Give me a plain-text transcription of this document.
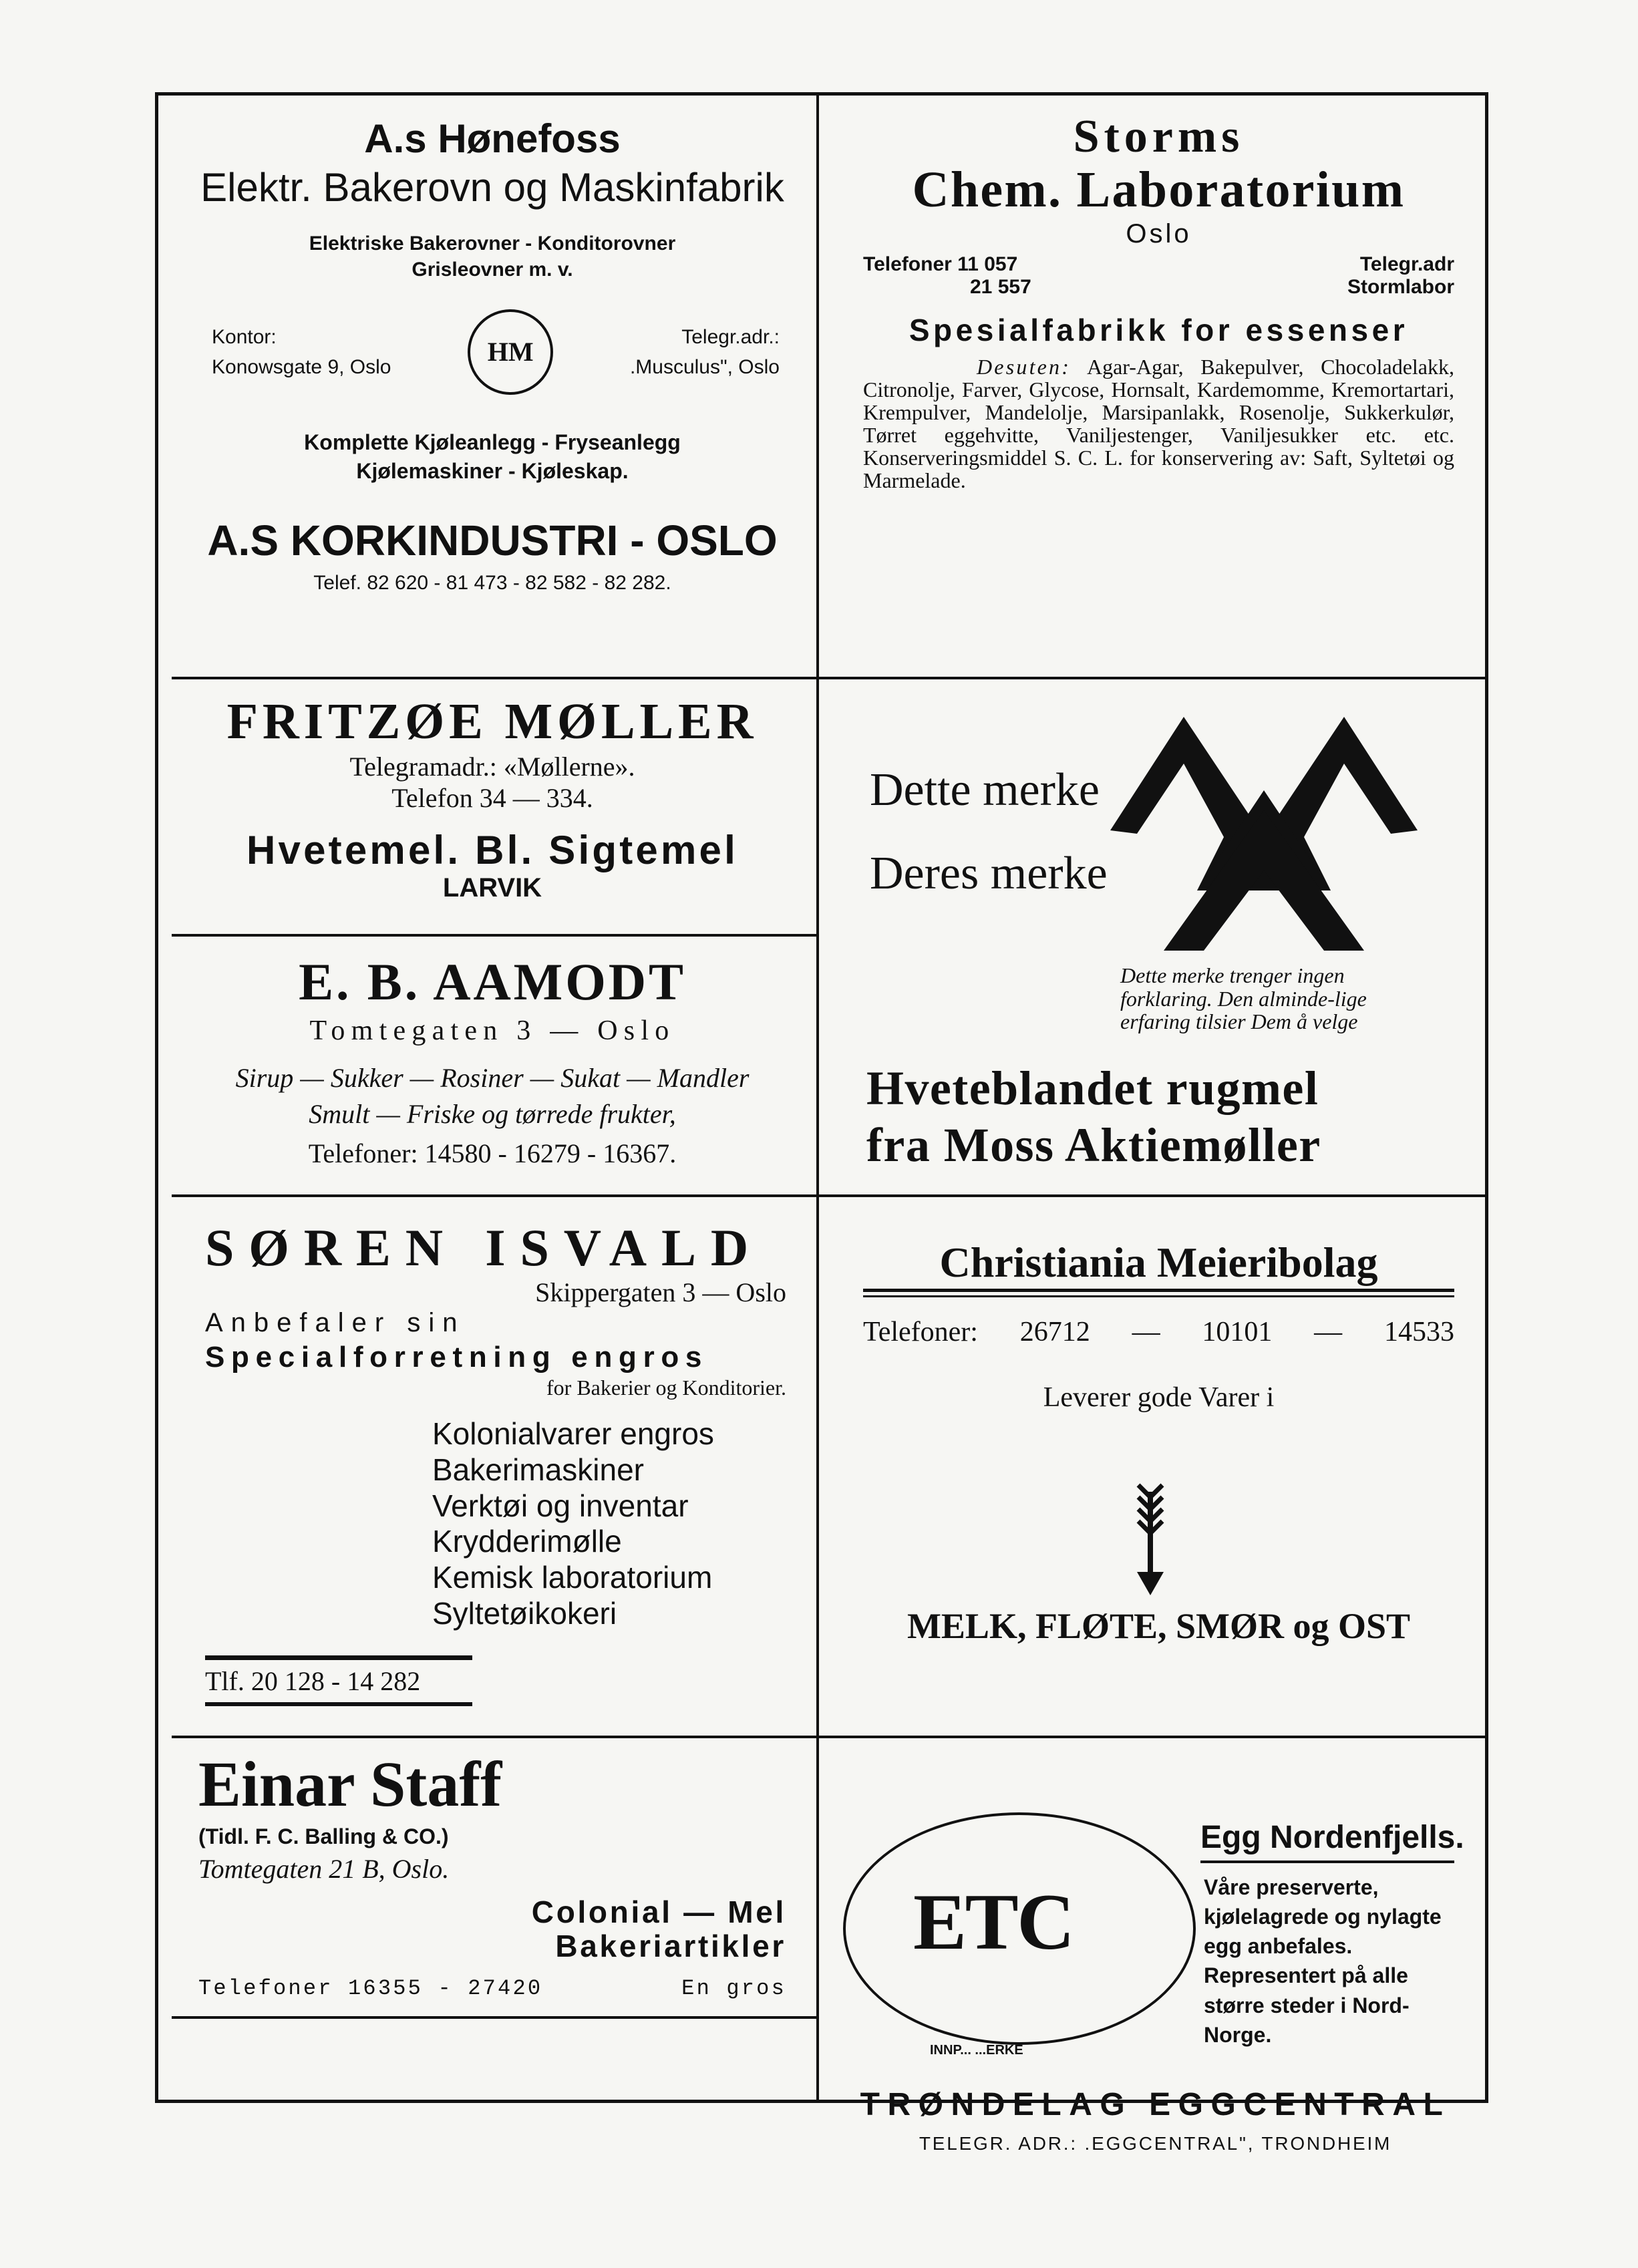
A.s Hønefoss
Elektr. Bakerovn og Maskinfabrik
Elektriske Bakerovner - Konditorovner
Grisleovner m. v.
Kontor:
Konowsgate 9, Oslo
HM	Telegr.adr.:
.Musculus", Oslo
Komplette Kjøleanlegg - Fryseanlegg
Kjølemaskiner - Kjøleskap.
A.S KORKINDUSTRI - OSLO
Telef. 82 620 - 81 473 - 82 582 - 82 282.
Storms
Chem. Laboratorium
Oslo
Telefoner 11 057
21 557
Telegr.adr
Stormlabor
Spesialfabrikk for essenser
Desuten: Agar-Agar, Bakepulver, Chocoladelakk, Citronolje, Farver, Glycose, Hornsalt, Kardemomme, Kremortartari, Krempulver, Mandelolje, Marsipanlakk, Rosenolje, Sukkerkulør, Tørret eggehvitte, Vaniljestenger, Vaniljesukker etc. etc. Konserveringsmiddel S. C. L. for konservering av: Saft, Syltetøi og Marmelade.
FRITZØE MØLLER
Telegramadr.: «Møllerne».
Telefon 34 — 334.
Hvetemel. Bl. Sigtemel
LARVIK
E. B. AAMODT
Tomtegaten 3 — Oslo
Sirup — Sukker — Rosiner — Sukat — Mandler
Smult — Friske og tørrede frukter,
Telefoner: 14580 - 16279 - 16367.
Dette merke
Deres merke
Dette merke trenger ingen forklaring. Den alminde-lige erfaring tilsier Dem å velge
Hveteblandet rugmel
fra Moss Aktiemøller
SØREN ISVALD
Skippergaten 3 — Oslo
Anbefaler sin
Specialforretning engros
for Bakerier og Konditorier.
Kolonialvarer engros
Bakerimaskiner
Verktøi og inventar
Krydderimølle
Kemisk laboratorium
Syltetøikokeri
Tlf. 20 128 - 14 282
Christiania Meieribolag
Telefoner: 26712 — 10101 — 14533
Leverer gode Varer i
MELK, FLØTE, SMØR og OST
Einar Staff
(Tidl. F. C. Balling & CO.)
Tomtegaten 21 B, Oslo.
Colonial — Mel
Bakeriartikler
Telefoner 16355 - 27420	En gros
ETC
INNP... ...ERKE
Egg Nordenfjells.
Våre preserverte, kjølelagrede og nylagte egg anbefales. Representert på alle større steder i Nord-Norge.
TRØNDELAG EGGCENTRAL
TELEGR. ADR.: .EGGCENTRAL", TRONDHEIM
